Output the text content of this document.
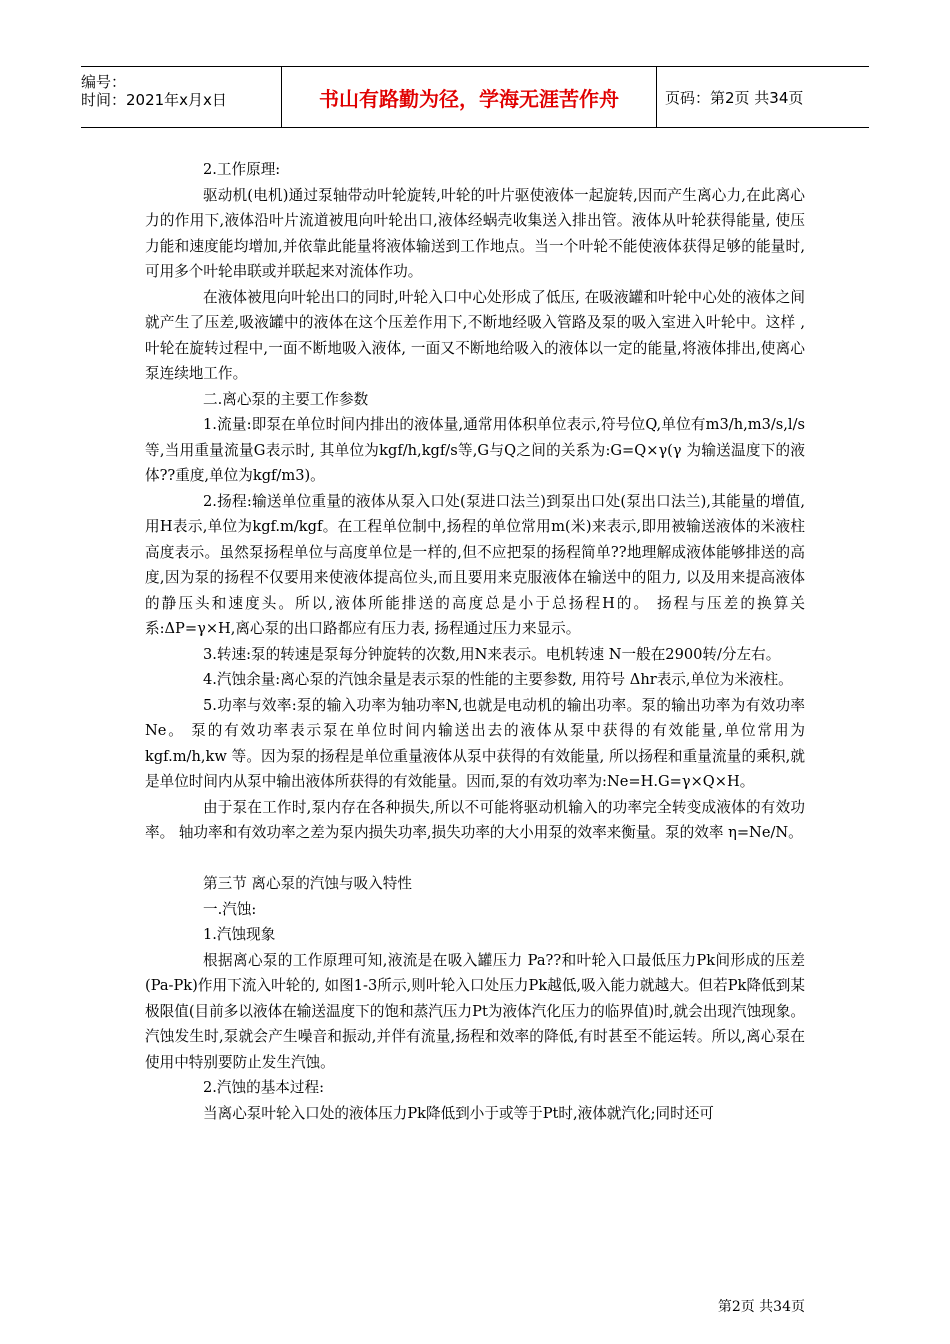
编号：
时间：2021年x月x日	书山有路勤为径，学海无涯苦作舟	页码：第2页 共34页

2.工作原理:

驱动机(电机)通过泵轴带动叶轮旋转,叶轮的叶片驱使液体一起旋转,因而产生离心力,在此离心力的作用下,液体沿叶片流道被甩向叶轮出口,液体经蜗壳收集送入排出管。液体从叶轮获得能量, 使压力能和速度能均增加,并依靠此能量将液体输送到工作地点。当一个叶轮不能使液体获得足够的能量时,可用多个叶轮串联或并联起来对流体作功。

在液体被甩向叶轮出口的同时,叶轮入口中心处形成了低压, 在吸液罐和叶轮中心处的液体之间就产生了压差,吸液罐中的液体在这个压差作用下,不断地经吸入管路及泵的吸入室进入叶轮中。这样 ,叶轮在旋转过程中,一面不断地吸入液体, 一面又不断地给吸入的液体以一定的能量,将液体排出,使离心泵连续地工作。

二.离心泵的主要工作参数

1.流量:即泵在单位时间内排出的液体量,通常用体积单位表示,符号位Q,单位有m3/h,m3/s,l/s等,当用重量流量G表示时, 其单位为kgf/h,kgf/s等,G与Q之间的关系为:G=Q×γ(γ 为输送温度下的液体??重度,单位为kgf/m3)。

2.扬程:输送单位重量的液体从泵入口处(泵进口法兰)到泵出口处(泵出口法兰),其能量的增值,用H表示,单位为kgf.m/kgf。在工程单位制中,扬程的单位常用m(米)来表示,即用被输送液体的米液柱高度表示。虽然泵扬程单位与高度单位是一样的,但不应把泵的扬程简单??地理解成液体能够排送的高度,因为泵的扬程不仅要用来使液体提高位头,而且要用来克服液体在输送中的阻力, 以及用来提高液体的静压头和速度头。所以,液体所能排送的高度总是小于总扬程H的。 扬程与压差的换算关系:ΔP=γ×H,离心泵的出口路都应有压力表, 扬程通过压力来显示。

3.转速:泵的转速是泵每分钟旋转的次数,用N来表示。电机转速 N一般在2900转/分左右。

4.汽蚀余量:离心泵的汽蚀余量是表示泵的性能的主要参数, 用符号 Δhr表示,单位为米液柱。

5.功率与效率:泵的输入功率为轴功率N,也就是电动机的输出功率。泵的输出功率为有效功率Ne。 泵的有效功率表示泵在单位时间内输送出去的液体从泵中获得的有效能量,单位常用为kgf.m/h,kw 等。因为泵的扬程是单位重量液体从泵中获得的有效能量, 所以扬程和重量流量的乘积,就是单位时间内从泵中输出液体所获得的有效能量。因而,泵的有效功率为:Ne=H.G=γ×Q×H。

由于泵在工作时,泵内存在各种损失,所以不可能将驱动机输入的功率完全转变成液体的有效功率。 轴功率和有效功率之差为泵内损失功率,损失功率的大小用泵的效率来衡量。泵的效率 η=Ne/N。

第三节 离心泵的汽蚀与吸入特性

一.汽蚀:

1.汽蚀现象

根据离心泵的工作原理可知,液流是在吸入罐压力 Pa??和叶轮入口最低压力Pk间形成的压差(Pa-Pk)作用下流入叶轮的, 如图1-3所示,则叶轮入口处压力Pk越低,吸入能力就越大。但若Pk降低到某极限值(目前多以液体在输送温度下的饱和蒸汽压力Pt为液体汽化压力的临界值)时,就会出现汽蚀现象。汽蚀发生时,泵就会产生噪音和振动,并伴有流量,扬程和效率的降低,有时甚至不能运转。所以,离心泵在使用中特别要防止发生汽蚀。

2.汽蚀的基本过程:

当离心泵叶轮入口处的液体压力Pk降低到小于或等于Pt时,液体就汽化;同时还可

第2页 共34页
